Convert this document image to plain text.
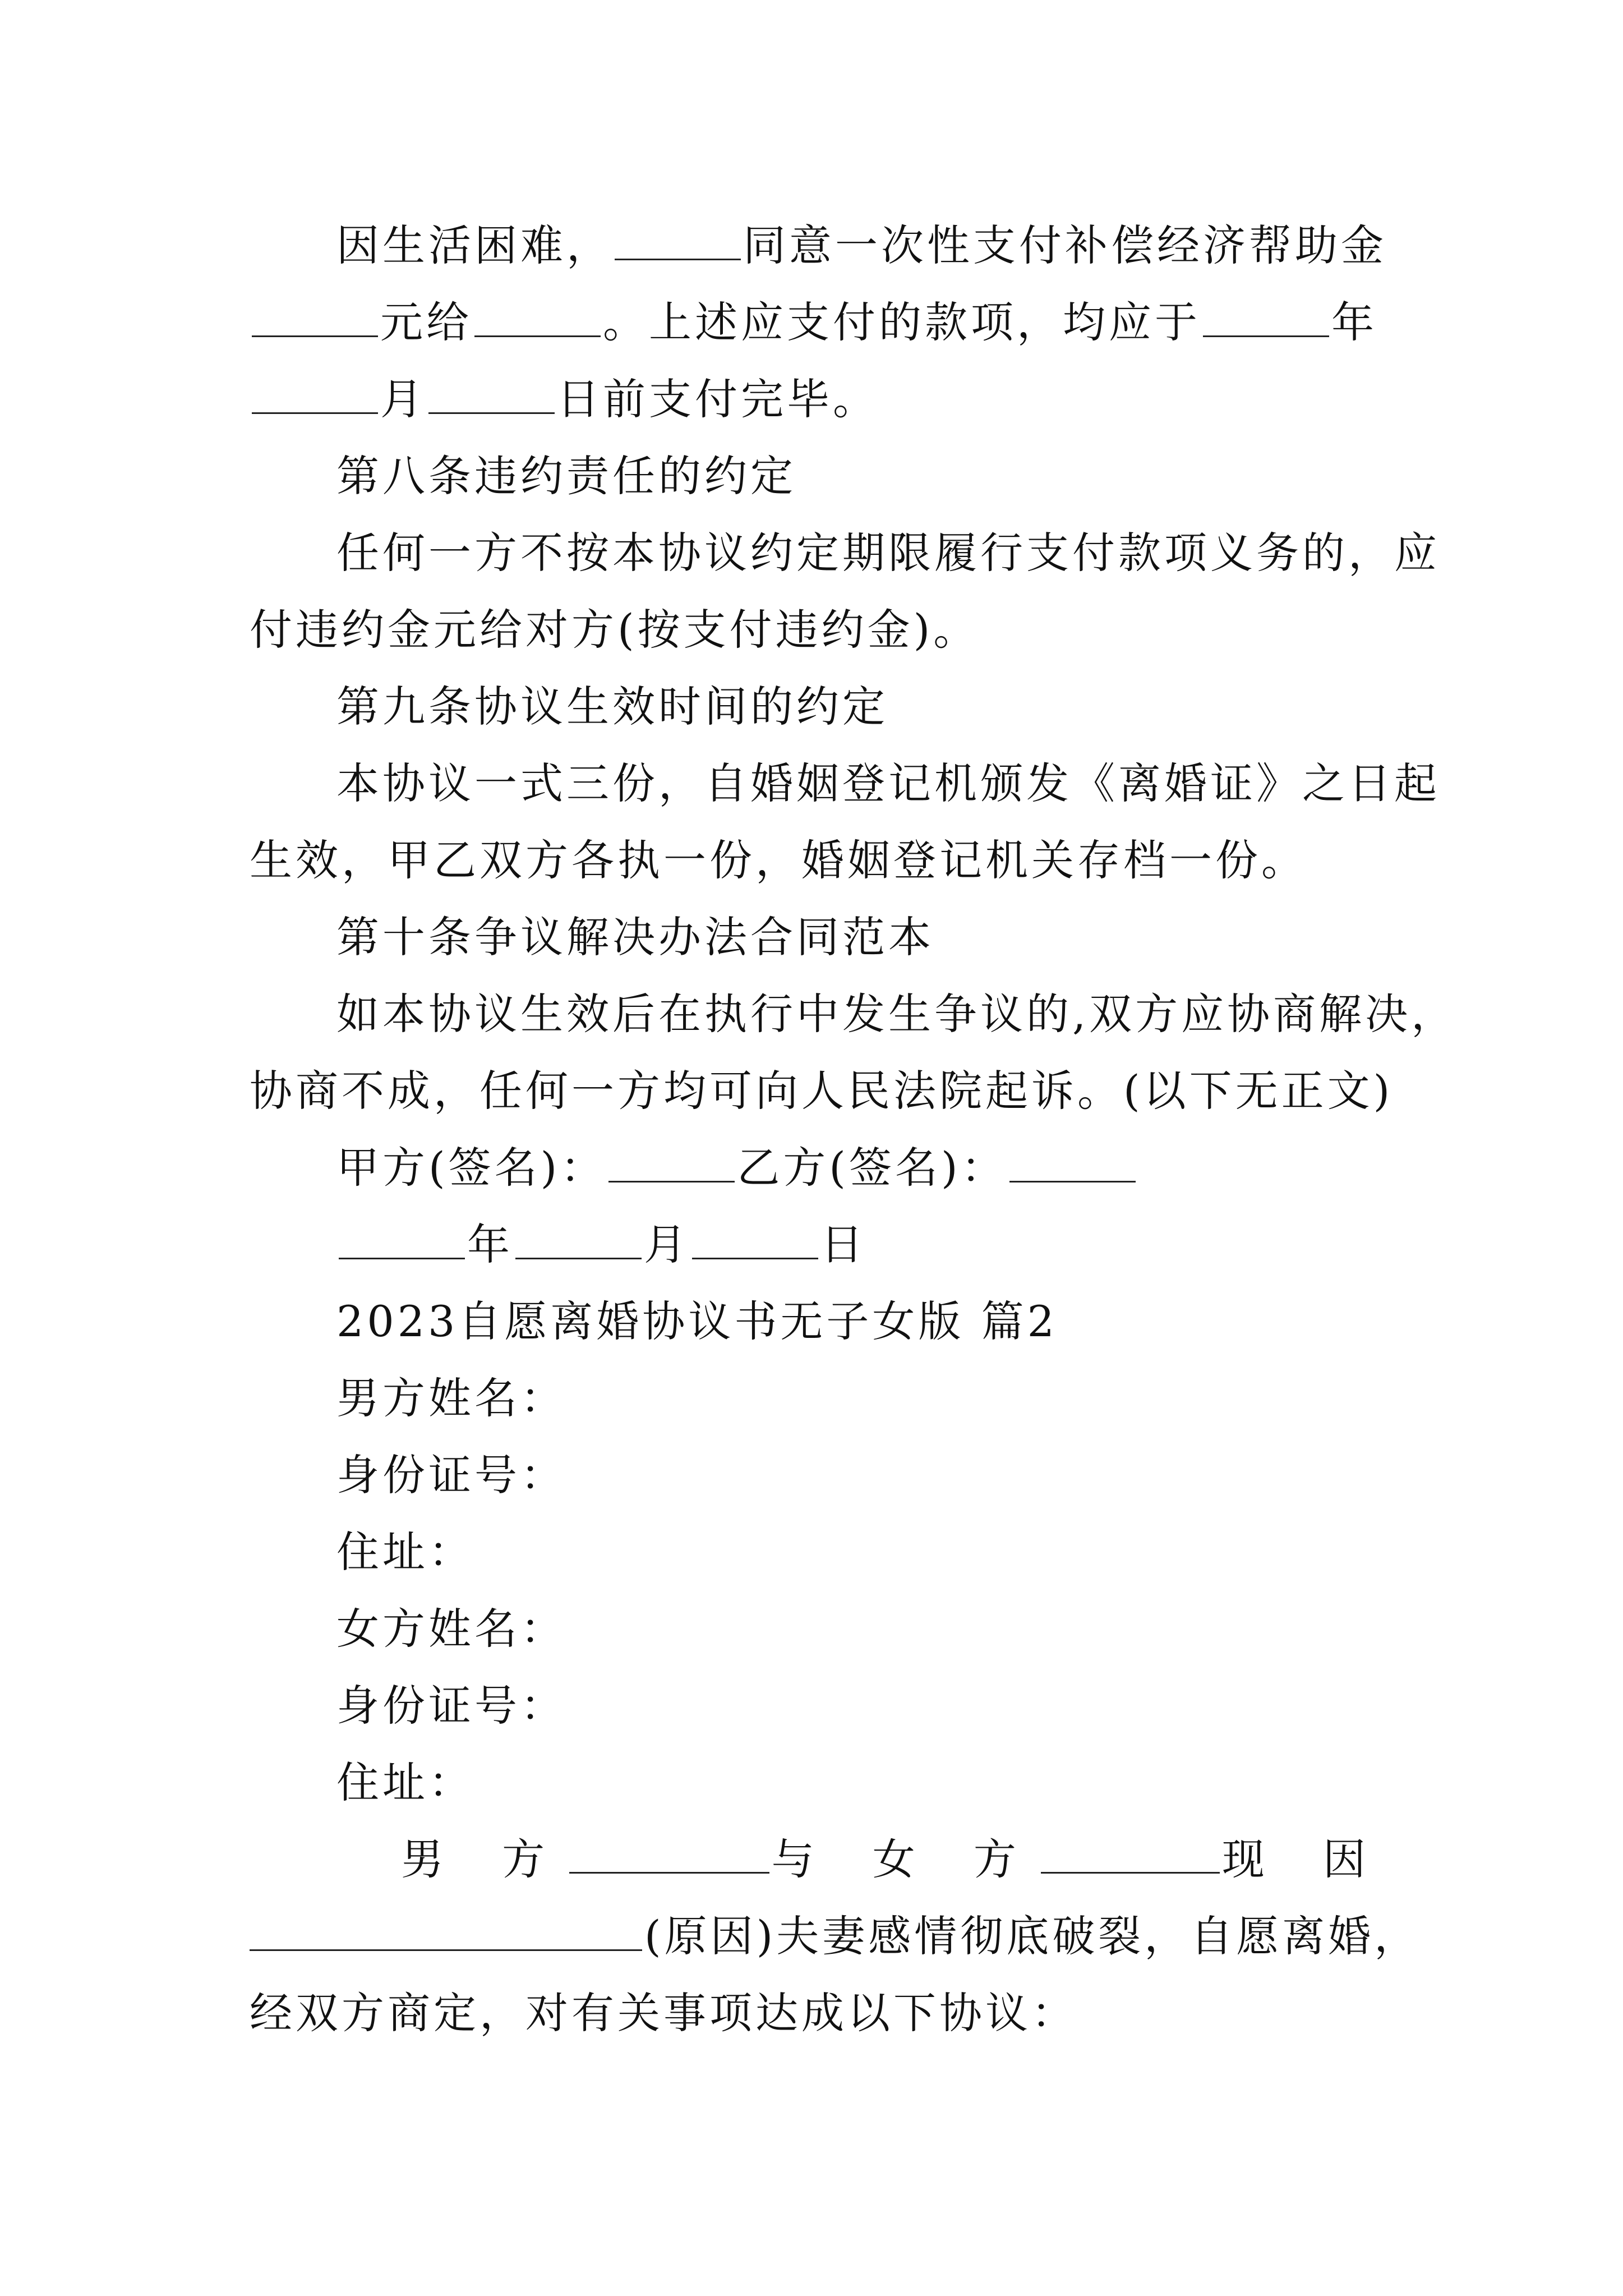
因生活困难，	同意一次性支付补偿经济帮助金
元给	。上述应支付的款项，均应于	年
月	日前支付完毕。
第八条违约责任的约定
任何一方不按本协议约定期限履行支付款项义务的，应
付违约金元给对方(按支付违约金)。
第九条协议生效时间的约定
本协议一式三份，自婚姻登记机颁发《离婚证》之日起
生效，甲乙双方各执一份，婚姻登记机关存档一份。
第十条争议解决办法合同范本
如本协议生效后在执行中发生争议的,双方应协商解决，
协商不成，任何一方均可向人民法院起诉。(以下无正文)
甲方(签名)：	乙方(签名)：
年	月	日
2023自愿离婚协议书无子女版 篇2
男方姓名：
身份证号：
住址：
女方姓名：
身份证号：
住址：
男 方	与 女 方	现 因
(原因)夫妻感情彻底破裂，自愿离婚，
经双方商定，对有关事项达成以下协议：
